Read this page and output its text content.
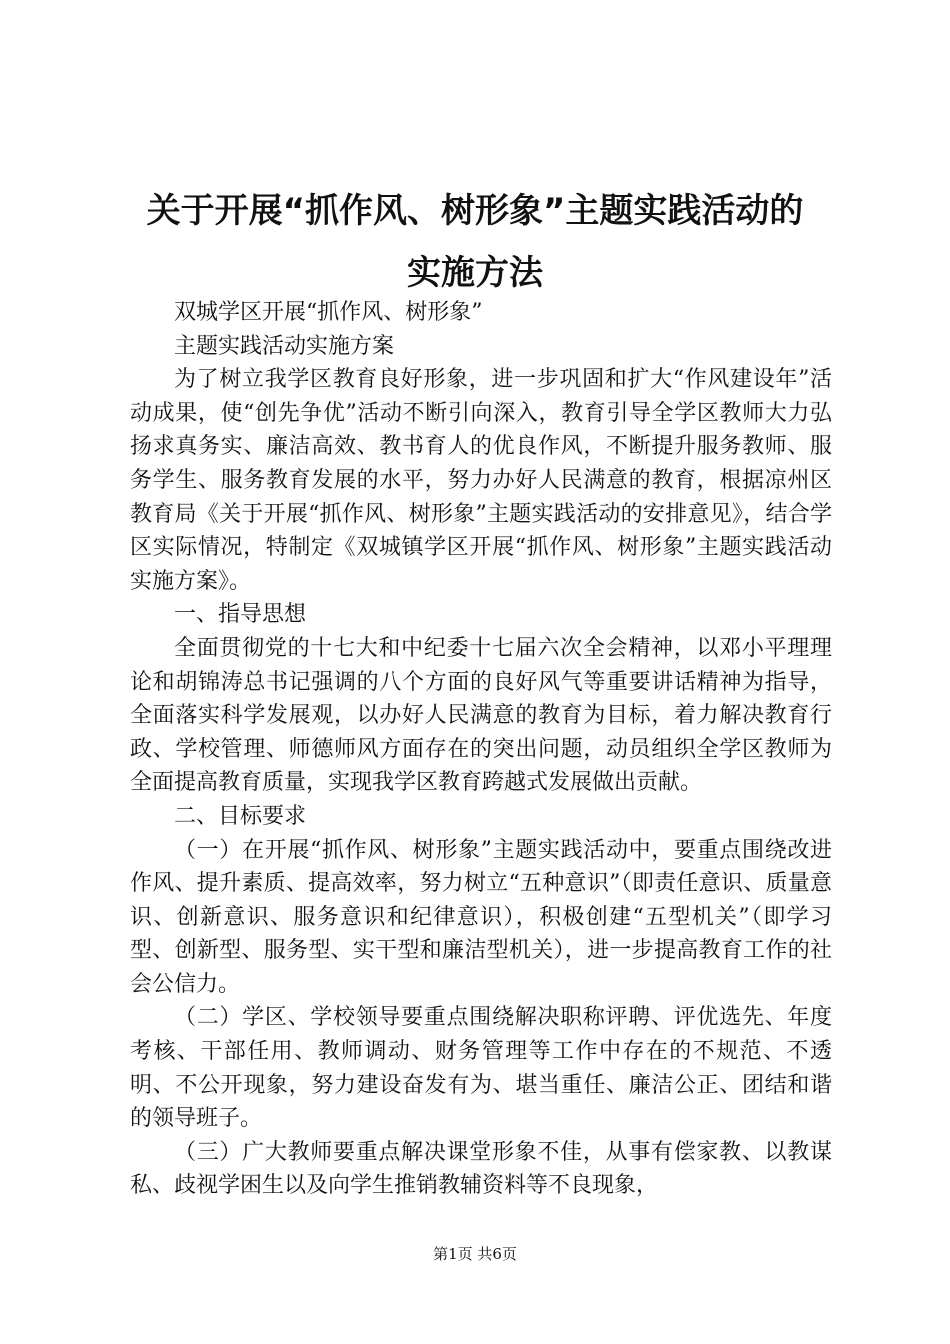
关于开展“抓作风、树形象”主题实践活动的
实施方法

双城学区开展“抓作风、树形象”

主题实践活动实施方案

为了树立我学区教育良好形象，进一步巩固和扩大“作风建设年”活动成果，使“创先争优”活动不断引向深入，教育引导全学区教师大力弘扬求真务实、廉洁高效、教书育人的优良作风，不断提升服务教师、服务学生、服务教育发展的水平，努力办好人民满意的教育，根据凉州区教育局《关于开展“抓作风、树形象”主题实践活动的安排意见》，结合学区实际情况，特制定《双城镇学区开展“抓作风、树形象”主题实践活动实施方案》。

一、指导思想

全面贯彻党的十七大和中纪委十七届六次全会精神，以邓小平理理论和胡锦涛总书记强调的八个方面的良好风气等重要讲话精神为指导，全面落实科学发展观，以办好人民满意的教育为目标，着力解决教育行政、学校管理、师德师风方面存在的突出问题，动员组织全学区教师为全面提高教育质量，实现我学区教育跨越式发展做出贡献。

二、目标要求

（一）在开展“抓作风、树形象”主题实践活动中，要重点围绕改进作风、提升素质、提高效率，努力树立“五种意识”（即责任意识、质量意识、创新意识、服务意识和纪律意识），积极创建“五型机关”（即学习型、创新型、服务型、实干型和廉洁型机关），进一步提高教育工作的社会公信力。

（二）学区、学校领导要重点围绕解决职称评聘、评优选先、年度考核、干部任用、教师调动、财务管理等工作中存在的不规范、不透明、不公开现象，努力建设奋发有为、堪当重任、廉洁公正、团结和谐的领导班子。

（三）广大教师要重点解决课堂形象不佳，从事有偿家教、以教谋私、歧视学困生以及向学生推销教辅资料等不良现象，

第1页 共6页
